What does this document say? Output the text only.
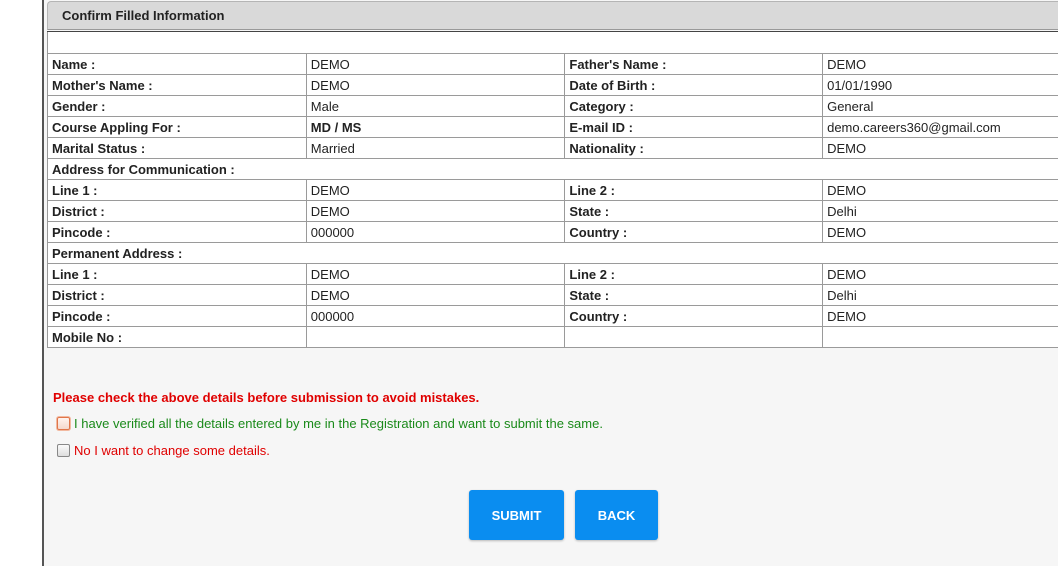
Confirm Filled Information

Name :	DEMO	Father's Name :	DEMO
Mother's Name :	DEMO	Date of Birth :	01/01/1990
Gender :	Male	Category :	General
Course Appling For :	MD / MS	E-mail ID :	demo.careers360@gmail.com
Marital Status :	Married	Nationality :	DEMO
Address for Communication :			
Line 1 :	DEMO	Line 2 :	DEMO
District :	DEMO	State :	Delhi
Pincode :	000000	Country :	DEMO
Permanent Address :			
Line 1 :	DEMO	Line 2 :	DEMO
District :	DEMO	State :	Delhi
Pincode :	000000	Country :	DEMO
Mobile No :			
Please check the above details before submission to avoid mistakes.
I have verified all the details entered by me in the Registration and want to submit the same.
No I want to change some details.
SUBMIT	BACK
